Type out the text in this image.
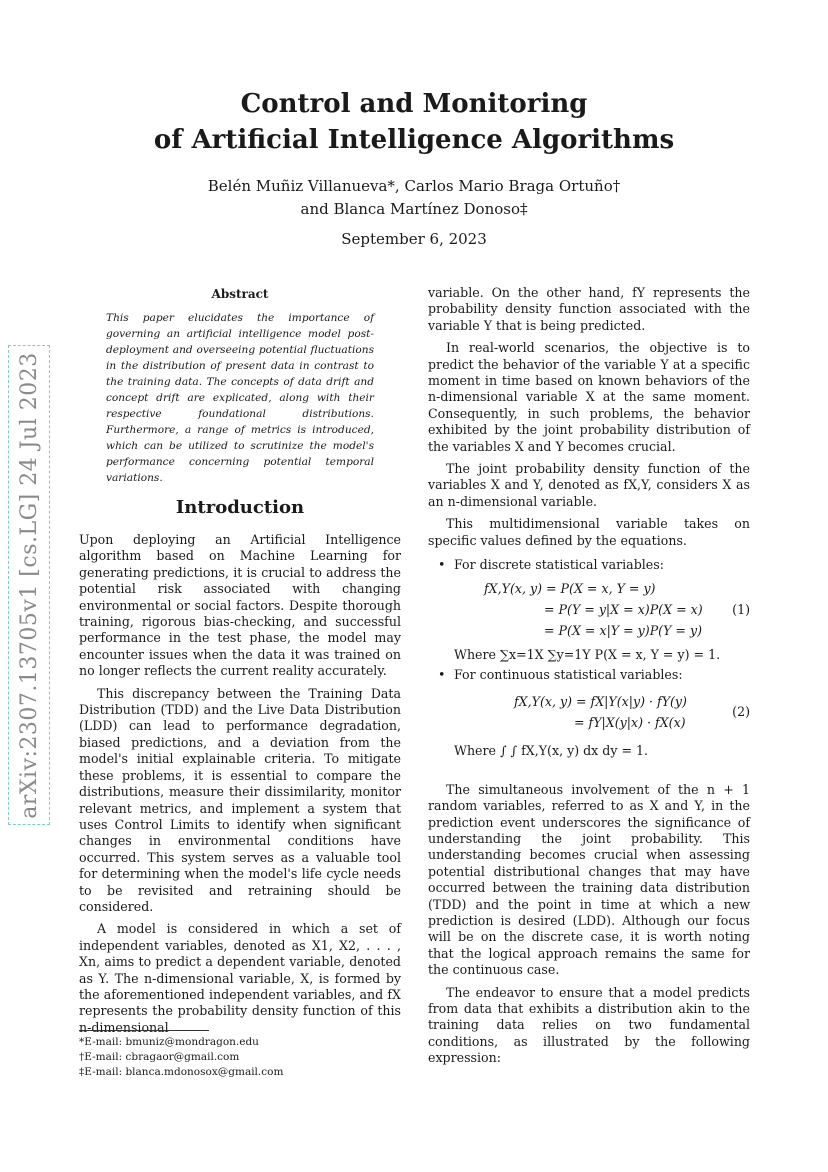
arXiv:2307.13705v1 [cs.LG] 24 Jul 2023
Control and Monitoring
of Artificial Intelligence Algorithms
Belén Muñiz Villanueva*, Carlos Mario Braga Ortuño†
and Blanca Martínez Donoso‡
September 6, 2023
Abstract
This paper elucidates the importance of governing an artificial intelligence model post-deployment and overseeing potential fluctuations in the distribution of present data in contrast to the training data. The concepts of data drift and concept drift are explicated, along with their respective foundational distributions. Furthermore, a range of metrics is introduced, which can be utilized to scrutinize the model's performance concerning potential temporal variations.
Introduction

Upon deploying an Artificial Intelligence algorithm based on Machine Learning for generating predictions, it is crucial to address the potential risk associated with changing environmental or social factors. Despite thorough training, rigorous bias-checking, and successful performance in the test phase, the model may encounter issues when the data it was trained on no longer reflects the current reality accurately.

This discrepancy between the Training Data Distribution (TDD) and the Live Data Distribution (LDD) can lead to performance degradation, biased predictions, and a deviation from the model's initial explainable criteria. To mitigate these problems, it is essential to compare the distributions, measure their dissimilarity, monitor relevant metrics, and implement a system that uses Control Limits to identify when significant changes in environmental conditions have occurred. This system serves as a valuable tool for determining when the model's life cycle needs to be revisited and retraining should be considered.

A model is considered in which a set of independent variables, denoted as X1, X2, . . . , Xn, aims to predict a dependent variable, denoted as Y. The n-dimensional variable, X, is formed by the aforementioned independent variables, and fX represents the probability density function of this n-dimensional

*E-mail: bmuniz@mondragon.edu
†E-mail: cbragaor@gmail.com
‡E-mail: blanca.mdonosox@gmail.com

variable. On the other hand, fY represents the probability density function associated with the variable Y that is being predicted.

In real-world scenarios, the objective is to predict the behavior of the variable Y at a specific moment in time based on known behaviors of the n-dimensional variable X at the same moment. Consequently, in such problems, the behavior exhibited by the joint probability distribution of the variables X and Y becomes crucial.

The joint probability density function of the variables X and Y, denoted as fX,Y, considers X as an n-dimensional variable.

This multidimensional variable takes on specific values defined by the equations.

• For discrete statistical variables:
(1)
fX,Y(x, y) = P(X = x, Y = y)
= P(Y = y|X = x)P(X = x)
= P(X = x|Y = y)P(Y = y)
Where ∑x=1X ∑y=1Y P(X = x, Y = y) = 1.
• For continuous statistical variables:
(2)
fX,Y(x, y) = fX|Y(x|y) · fY(y)
= fY|X(y|x) · fX(x)
Where ∫ ∫ fX,Y(x, y) dx dy = 1.

The simultaneous involvement of the n + 1 random variables, referred to as X and Y, in the prediction event underscores the significance of understanding the joint probability. This understanding becomes crucial when assessing potential distributional changes that may have occurred between the training data distribution (TDD) and the point in time at which a new prediction is desired (LDD). Although our focus will be on the discrete case, it is worth noting that the logical approach remains the same for the continuous case.

The endeavor to ensure that a model predicts from data that exhibits a distribution akin to the training data relies on two fundamental conditions, as illustrated by the following expression:
